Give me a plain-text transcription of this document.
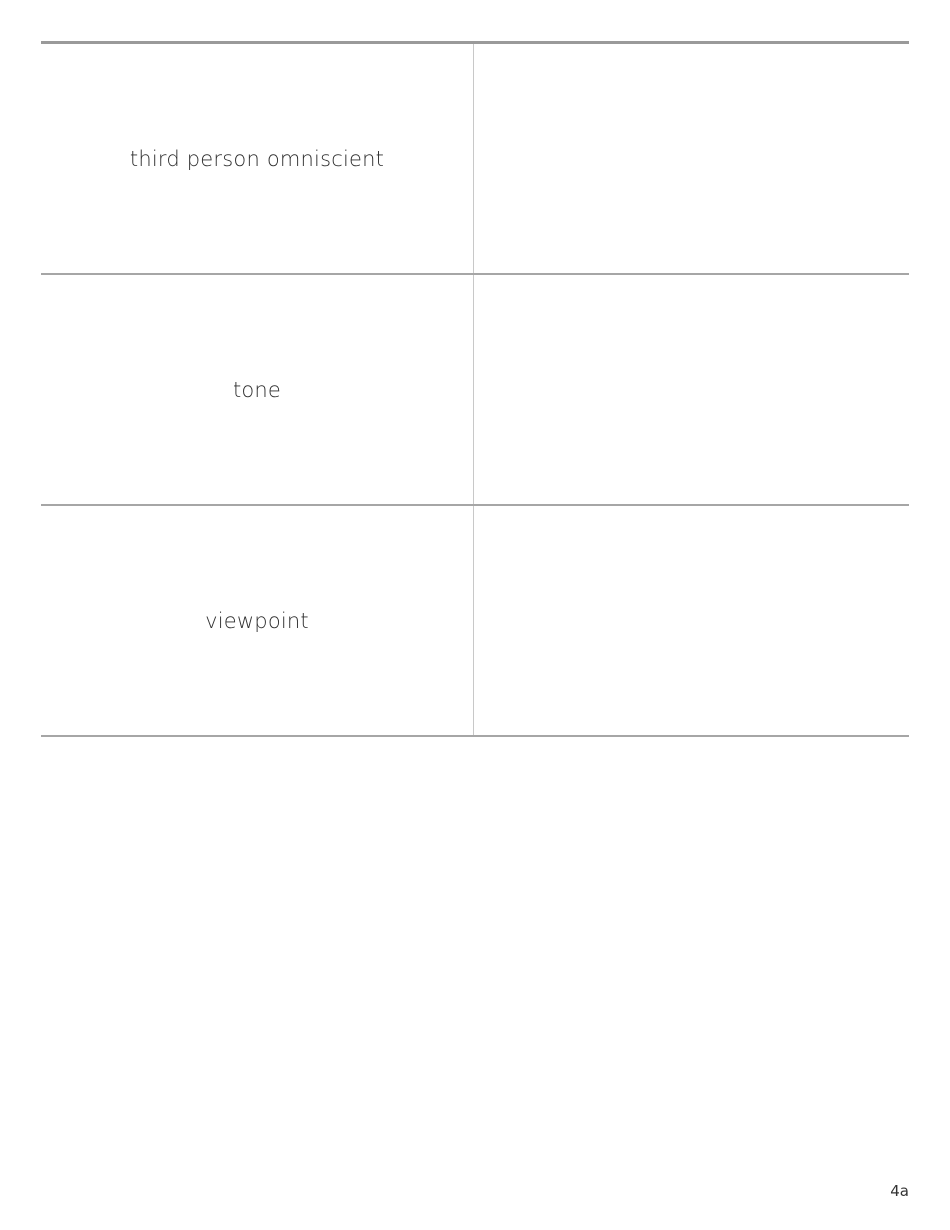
third person omniscient
tone
viewpoint
4a
